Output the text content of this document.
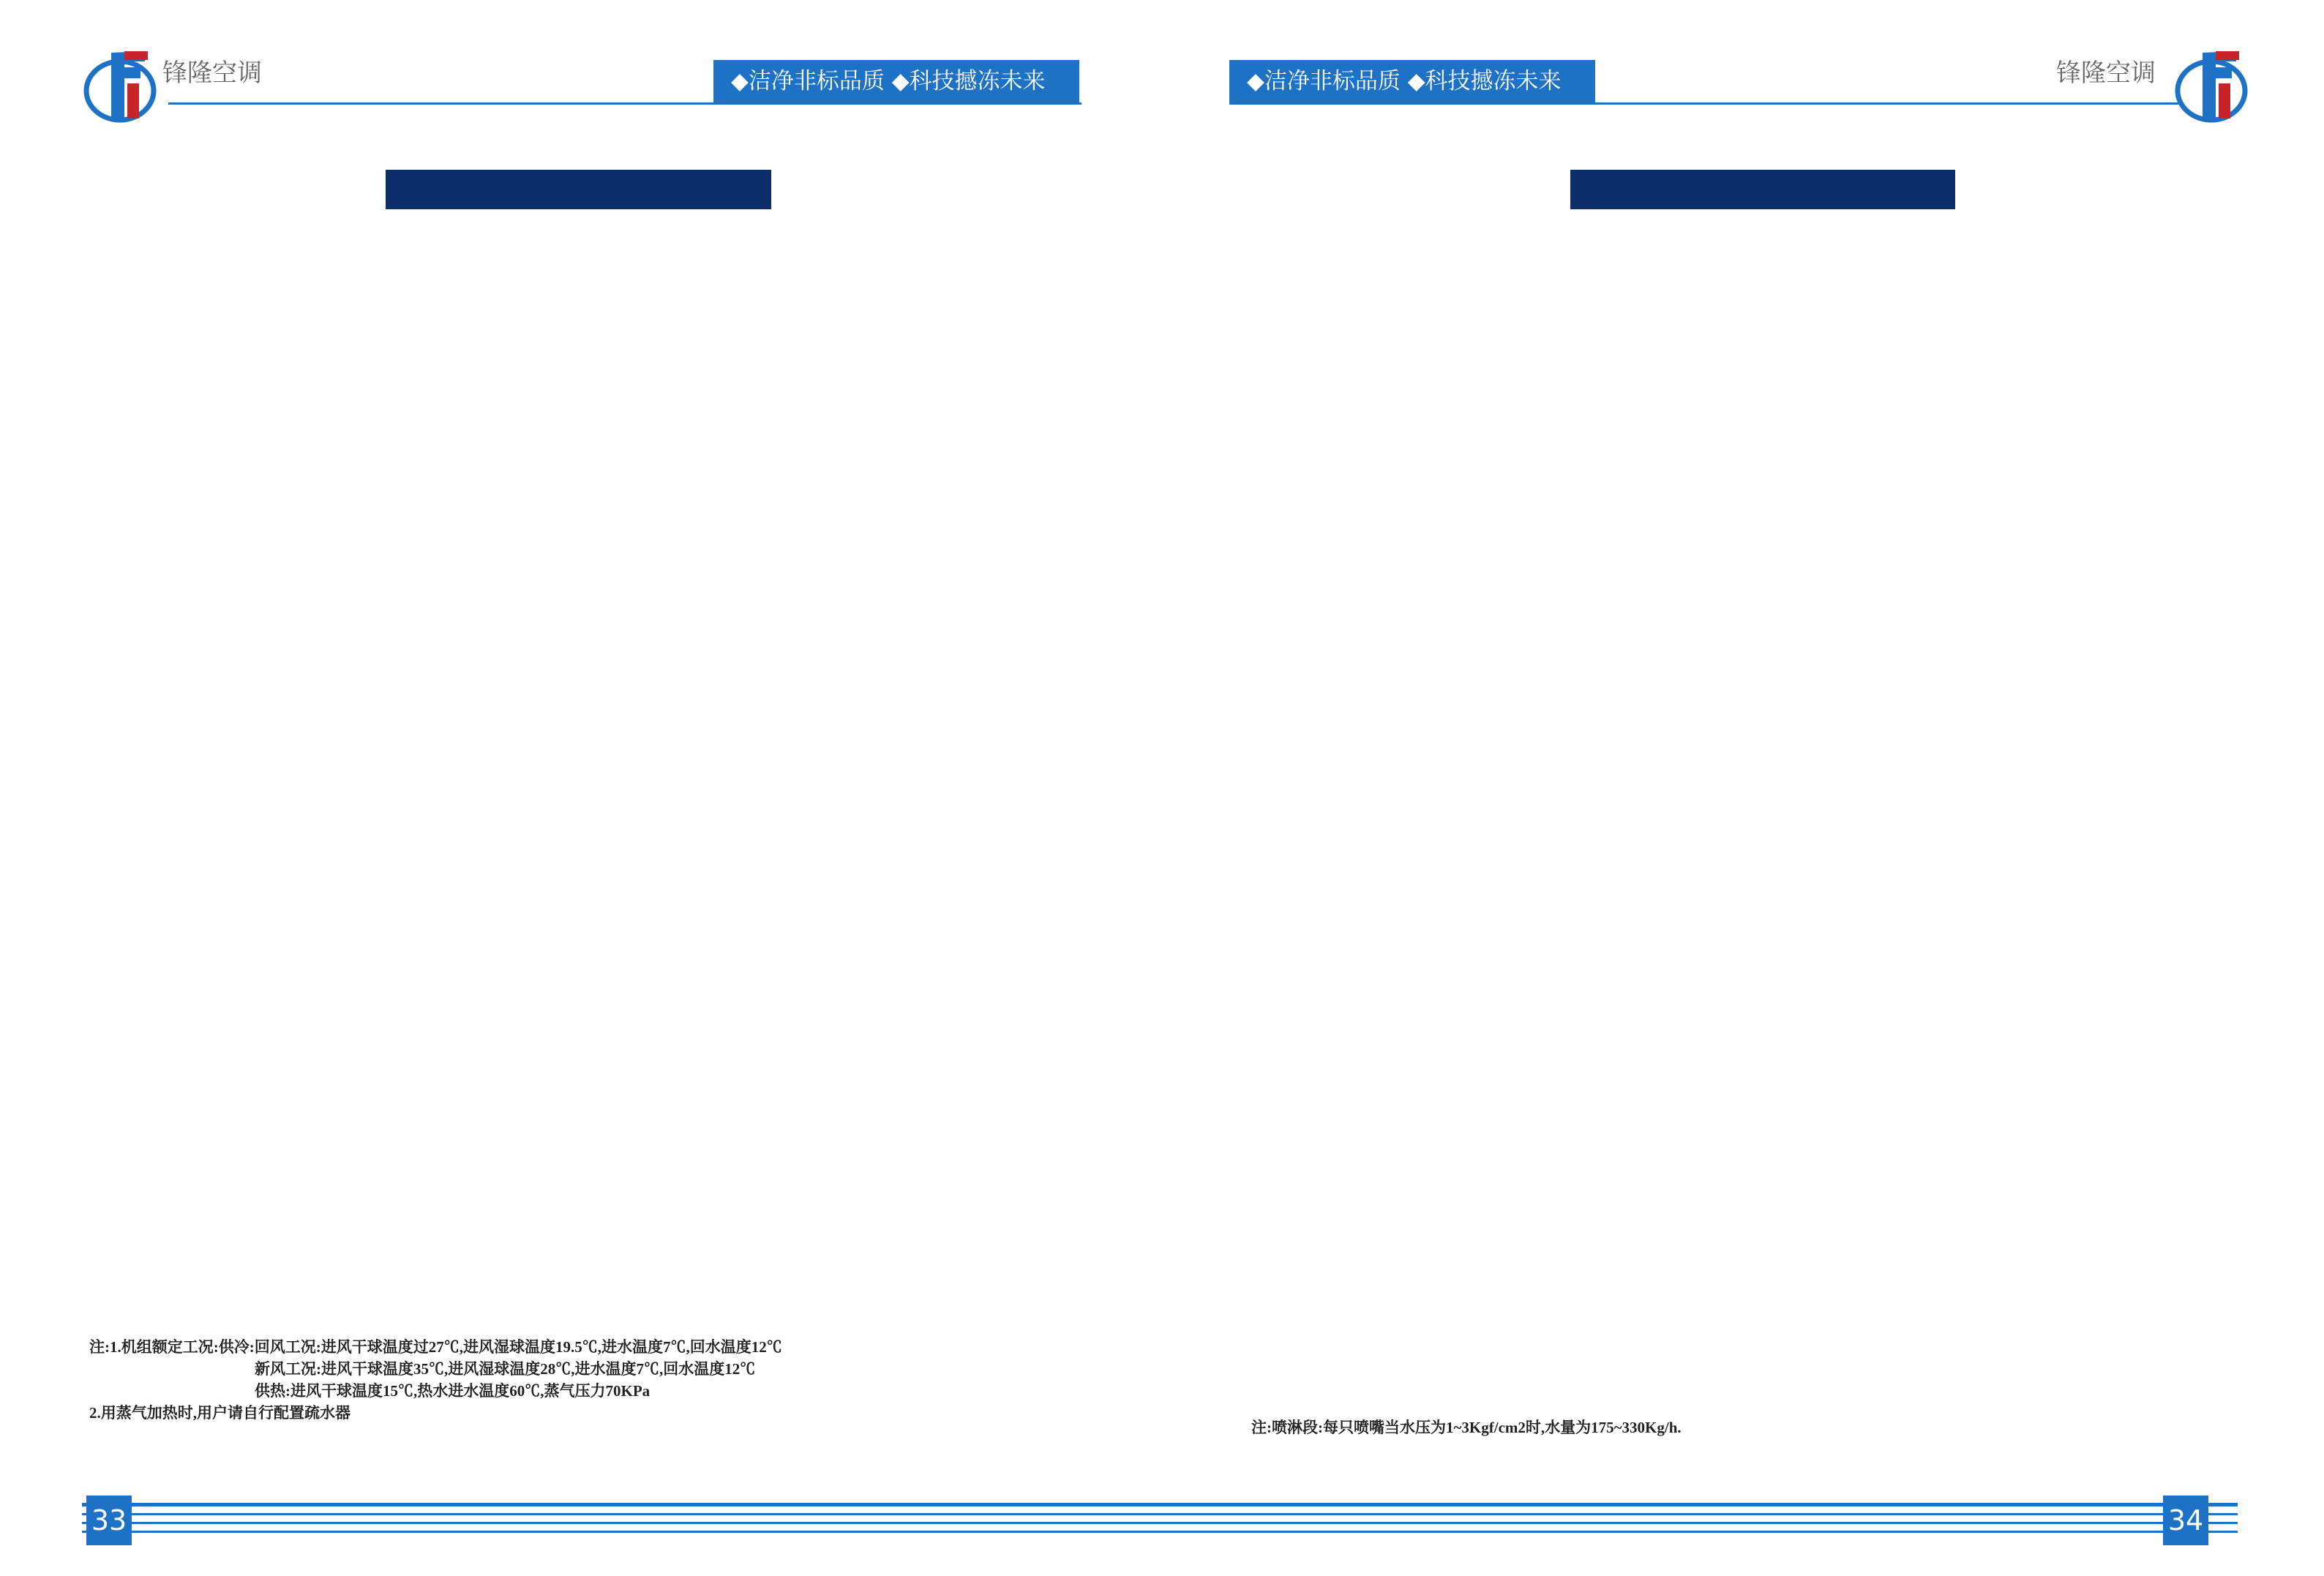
锋隆空调	◆洁净非标品质 ◆科技撼冻未来
注:1.机组额定工况:供冷:回风工况:进风干球温度过27℃,进风湿球温度19.5℃,进水温度7℃,回水温度12℃
新风工况:进风干球温度35℃,进风湿球温度28℃,进水温度7℃,回水温度12℃
供热:进风干球温度15℃,热水进水温度60℃,蒸气压力70KPa
2.用蒸气加热时,用户请自行配置疏水器
33
锋隆空调
◆洁净非标品质 ◆科技撼冻未来
注:喷淋段:每只喷嘴当水压为1~3Kgf/cm2时,水量为175~330Kg/h.
34
